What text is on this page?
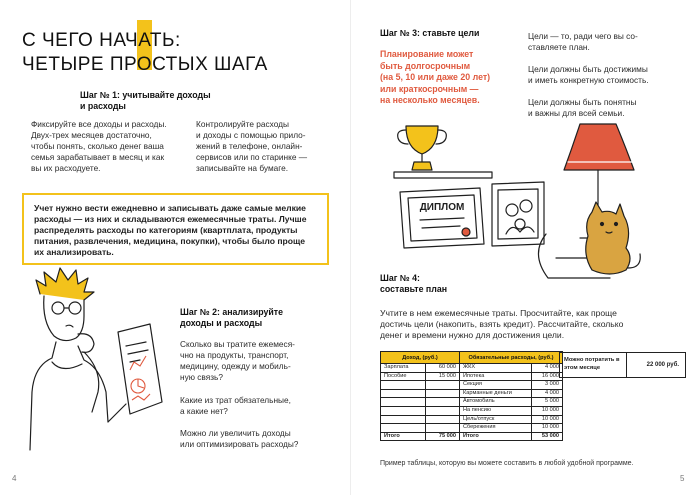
С ЧЕГО НАЧАТЬ:
ЧЕТЫРЕ ПРОСТЫХ ШАГА
Шаг № 1: учитывайте доходы
и расходы
Фиксируйте все доходы и расходы.
Двух-трех месяцев достаточно,
чтобы понять, сколько денег ваша
семья зарабатывает в месяц и как
вы их расходуете.
Контролируйте расходы
и доходы с помощью прило-
жений в телефоне, онлайн-
сервисов или по старинке —
записывайте на бумаге.
Учет нужно вести ежедневно и записывать даже самые мелкие
расходы — из них и складываются ежемесячные траты. Лучше
распределять расходы по категориям (квартплата, продукты
питания, развлечения, медицина, покупки), чтобы было проще
их анализировать.
Шаг № 2: анализируйте
доходы и расходы
Сколько вы тратите ежемеся-
чно на продукты, транспорт,
медицину, одежду и мобиль-
ную связь?
Какие из трат обязательные,
а какие нет?
Можно ли увеличить доходы
или оптимизировать расходы?
4
Шаг № 3: ставьте цели
Планирование может
быть долгосрочным
(на 5, 10 или даже 20 лет)
или краткосрочным —
на несколько месяцев.
Цели — то, ради чего вы со-
ставляете план.
Цели должны быть достижимы
и иметь конкретную стоимость.
Цели должны быть понятны
и важны для всей семьи.
ДИПЛОМ
Шаг № 4:
составьте план
Учтите в нем ежемесячные траты. Просчитайте, как проще
достичь цели (накопить, взять кредит). Рассчитайте, сколько
денег и времени нужно для достижения цели.
Доход, (руб.)		Обязательные расходы, (руб.)	
Зарплата	60 000	ЖКХ	4 000
Пособие	15 000	Ипотека	16 000
		Секция	3 000
		Карманные деньги	4 000
		Автомобиль	5 000
		На пенсию	10 000
		Цель/отпуск	10 000
		Сбережения	10 000
Итого	75 000	Итого	53 000
Можно потратить в этом месяце	22 000 руб.
Пример таблицы, которую вы можете составить в любой удобной программе.
5
